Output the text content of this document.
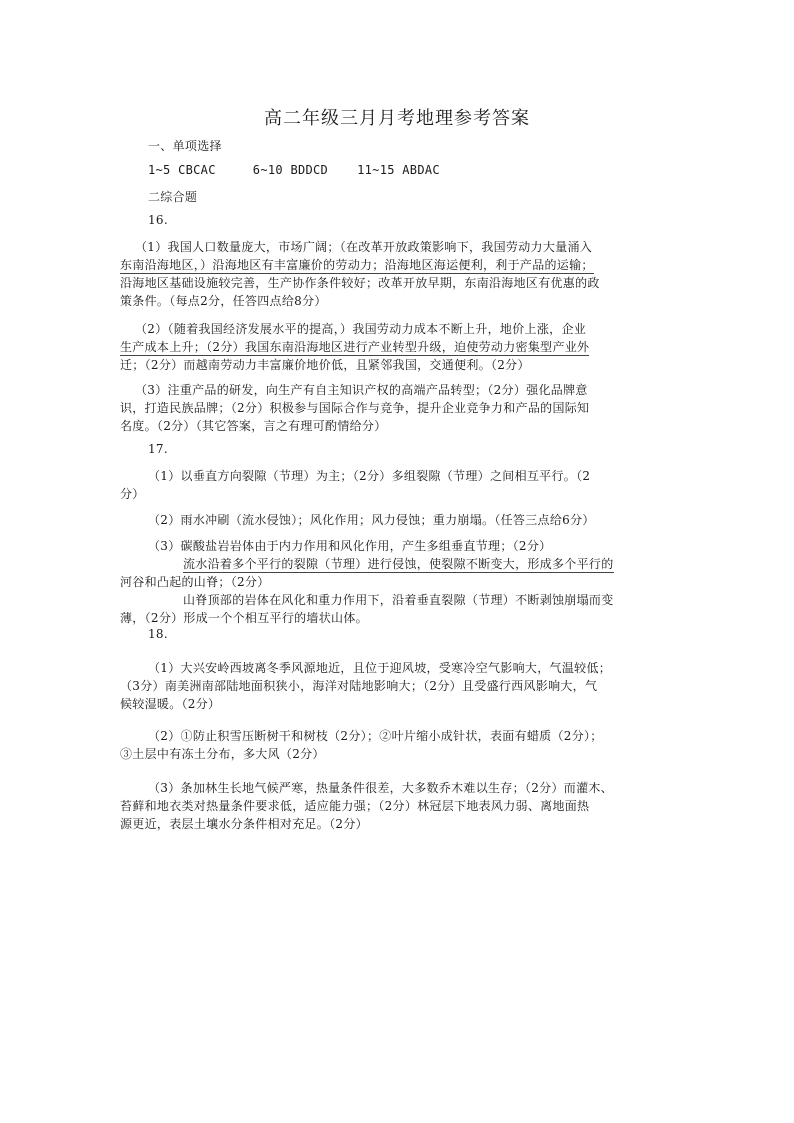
高二年级三月月考地理参考答案
一、单项选择
1~5 CBCAC	6~10 BDDCD 11~15 ABDAC
二综合题
16.
（1）我国人口数量庞大，市场广阔；（在改革开放政策影响下，我国劳动力大量涌入
东南沿海地区，）沿海地区有丰富廉价的劳动力；沿海地区海运便利，利于产品的运输；
沿海地区基础设施较完善，生产协作条件较好；改革开放早期，东南沿海地区有优惠的政
策条件。（每点2分，任答四点给8分）
（2）（随着我国经济发展水平的提高，）我国劳动力成本不断上升，地价上涨，企业
生产成本上升；（2分）我国东南沿海地区进行产业转型升级，迫使劳动力密集型产业外
迁；（2分）而越南劳动力丰富廉价地价低，且紧邻我国，交通便利。（2分）
（3）注重产品的研发，向生产有自主知识产权的高端产品转型；（2分）强化品牌意
识，打造民族品牌；（2分）积极参与国际合作与竞争，提升企业竞争力和产品的国际知
名度。（2分）（其它答案，言之有理可酌情给分）
17.
（1）以垂直方向裂隙（节理）为主；（2分）多组裂隙（节理）之间相互平行。（2
分）
（2）雨水冲刷（流水侵蚀）；风化作用；风力侵蚀；重力崩塌。（任答三点给6分）
（3）碳酸盐岩岩体由于内力作用和风化作用，产生多组垂直节理；（2分）
流水沿着多个平行的裂隙（节理）进行侵蚀，使裂隙不断变大，形成多个平行的
河谷和凸起的山脊；（2分）
山脊顶部的岩体在风化和重力作用下，沿着垂直裂隙（节理）不断剥蚀崩塌而变
薄，（2分）形成一个个相互平行的墙状山体。
18.
（1）大兴安岭西坡离冬季风源地近，且位于迎风坡，受寒冷空气影响大，气温较低；
（3分）南美洲南部陆地面积狭小，海洋对陆地影响大；（2分）且受盛行西风影响大，气
候较湿暖。（2分）
（2）①防止积雪压断树干和树枝（2分）；②叶片缩小成针状，表面有蜡质（2分）；
③土层中有冻土分布，多大风（2分）
（3）条加林生长地气候严寒，热量条件很差，大多数乔木难以生存；（2分）而灌木、
苔藓和地衣类对热量条件要求低，适应能力强；（2分）林冠层下地表风力弱、离地面热
源更近，表层土壤水分条件相对充足。（2分）
